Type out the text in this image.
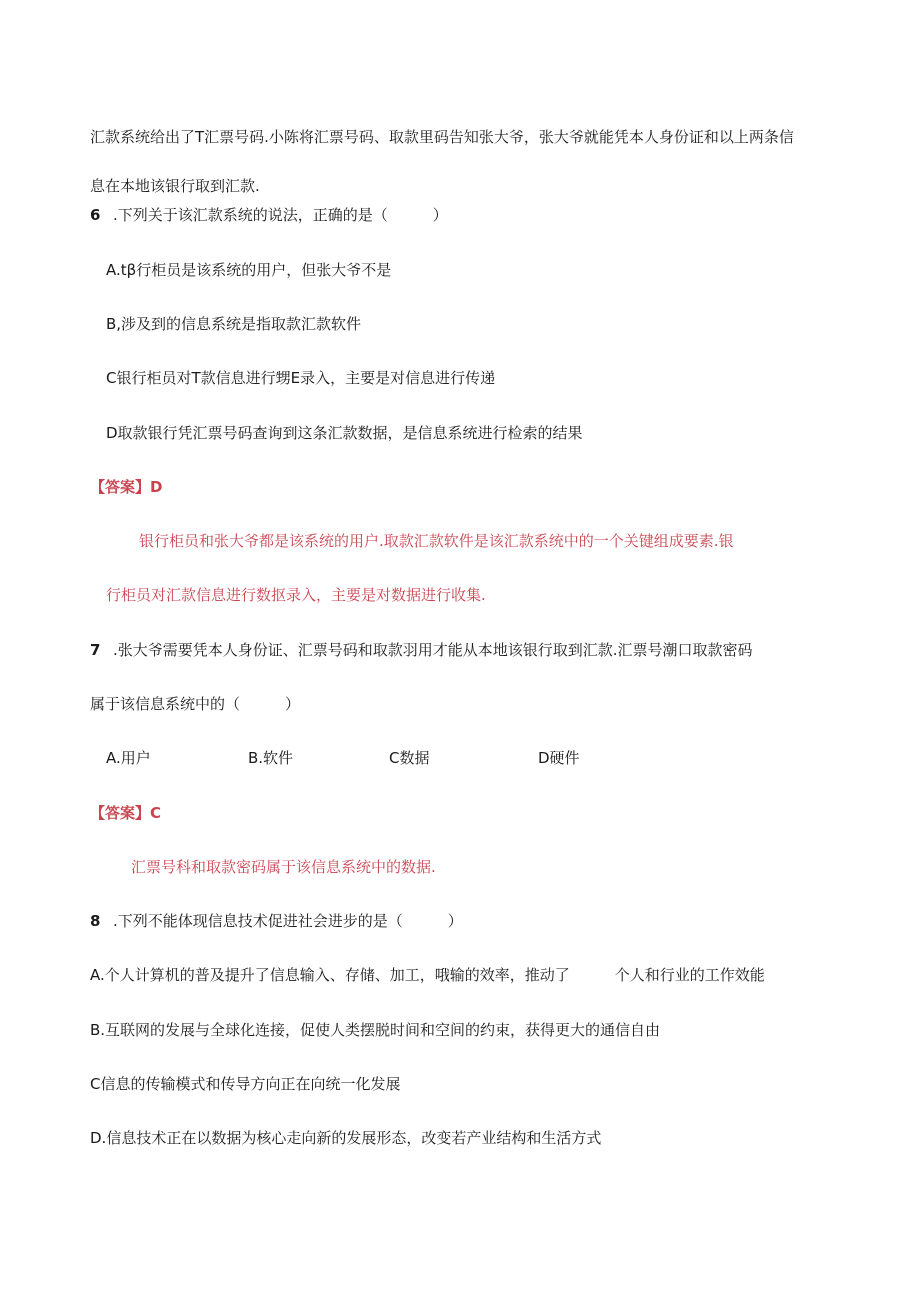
汇款系统给出了T汇票号码.小陈将汇票号码、取款里码告知张大爷，张大爷就能凭本人身份证和以上两条信

息在本地该银行取到汇款.

6 .下列关于该汇款系统的说法，正确的是（　　　）

A.tβ行柜员是该系统的用户，但张大爷不是

B,涉及到的信息系统是指取款汇款软件

C银行柜员对T款信息进行甥E录入，主要是对信息进行传递

D取款银行凭汇票号码查询到这条汇款数据，是信息系统进行检索的结果

【答案】D

银行柜员和张大爷都是该系统的用户.取款汇款软件是该汇款系统中的一个关键组成要素.银

行柜员对汇款信息进行数抠录入，主要是对数据进行收集.

7 .张大爷需要凭本人身份证、汇票号码和取款羽用才能从本地该银行取到汇款.汇票号潮口取款密码

属于该信息系统中的（　　　）

A.用户	B.软件	C数据	D硬件

【答案】C

汇票号科和取款密码属于该信息系统中的数据.

8 .下列不能体现信息技术促进社会进步的是（　　　）

A.个人计算机的普及提升了信息输入、存储、加工，哦输的效率，推动了　　　个人和行业的工作效能

B.互联网的发展与全球化连接，促使人类摆脱时间和空间的约束，获得更大的通信自由

C信息的传输模式和传导方向正在向统一化发展

D.信息技术正在以数据为核心走向新的发展形态，改变若产业结构和生活方式
